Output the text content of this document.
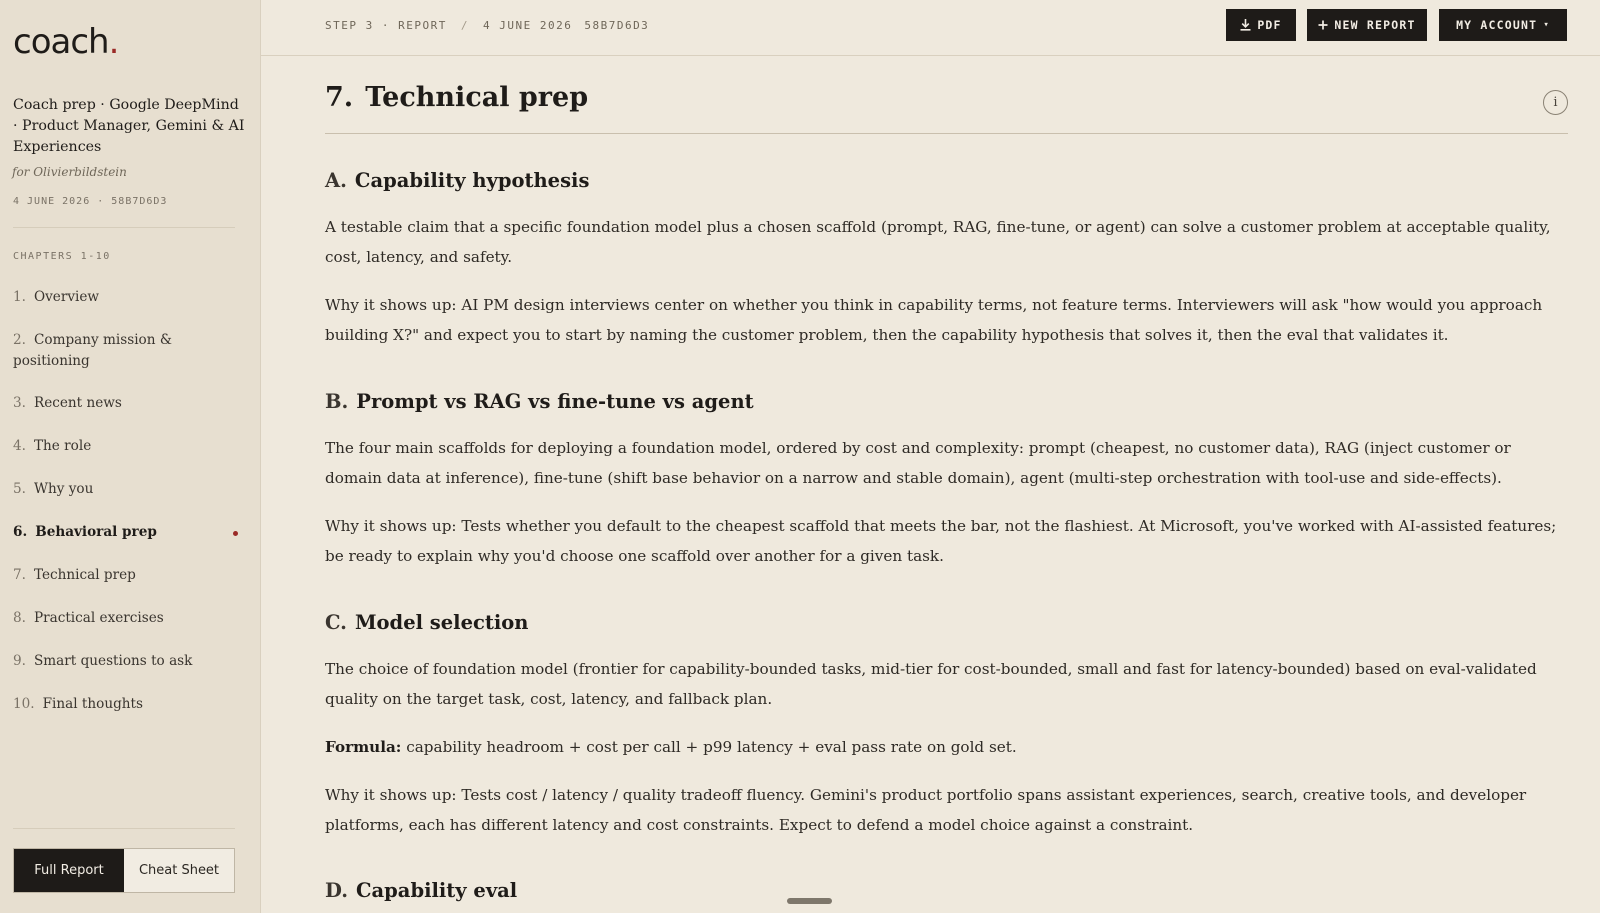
coach.
Coach prep · Google DeepMind · Product Manager, Gemini & AI Experiences
for Olivierbildstein
4 JUNE 2026 · 58B7D6D3
CHAPTERS 1-10
1. Overview
2. Company mission & positioning
3. Recent news
4. The role
5. Why you
6. Behavioral prep
7. Technical prep
8. Practical exercises
9. Smart questions to ask
10. Final thoughts
Full Report	Cheat Sheet
STEP 3 · REPORT / 4 JUNE 2026 58B7D6D3	PDF	NEW REPORT	MY ACCOUNT ▾
7. Technical prep	i
A. Capability hypothesis

A testable claim that a specific foundation model plus a chosen scaffold (prompt, RAG, fine-tune, or agent) can solve a customer problem at acceptable quality, cost, latency, and safety.

Why it shows up: AI PM design interviews center on whether you think in capability terms, not feature terms. Interviewers will ask "how would you approach building X?" and expect you to start by naming the customer problem, then the capability hypothesis that solves it, then the eval that validates it.

B. Prompt vs RAG vs fine-tune vs agent

The four main scaffolds for deploying a foundation model, ordered by cost and complexity: prompt (cheapest, no customer data), RAG (inject customer or domain data at inference), fine-tune (shift base behavior on a narrow and stable domain), agent (multi-step orchestration with tool-use and side-effects).

Why it shows up: Tests whether you default to the cheapest scaffold that meets the bar, not the flashiest. At Microsoft, you've worked with AI-assisted features; be ready to explain why you'd choose one scaffold over another for a given task.

C. Model selection

The choice of foundation model (frontier for capability-bounded tasks, mid-tier for cost-bounded, small and fast for latency-bounded) based on eval-validated quality on the target task, cost, latency, and fallback plan.

Formula: capability headroom + cost per call + p99 latency + eval pass rate on gold set.

Why it shows up: Tests cost / latency / quality tradeoff fluency. Gemini's product portfolio spans assistant experiences, search, creative tools, and developer platforms, each has different latency and cost constraints. Expect to defend a model choice against a constraint.

D. Capability eval
